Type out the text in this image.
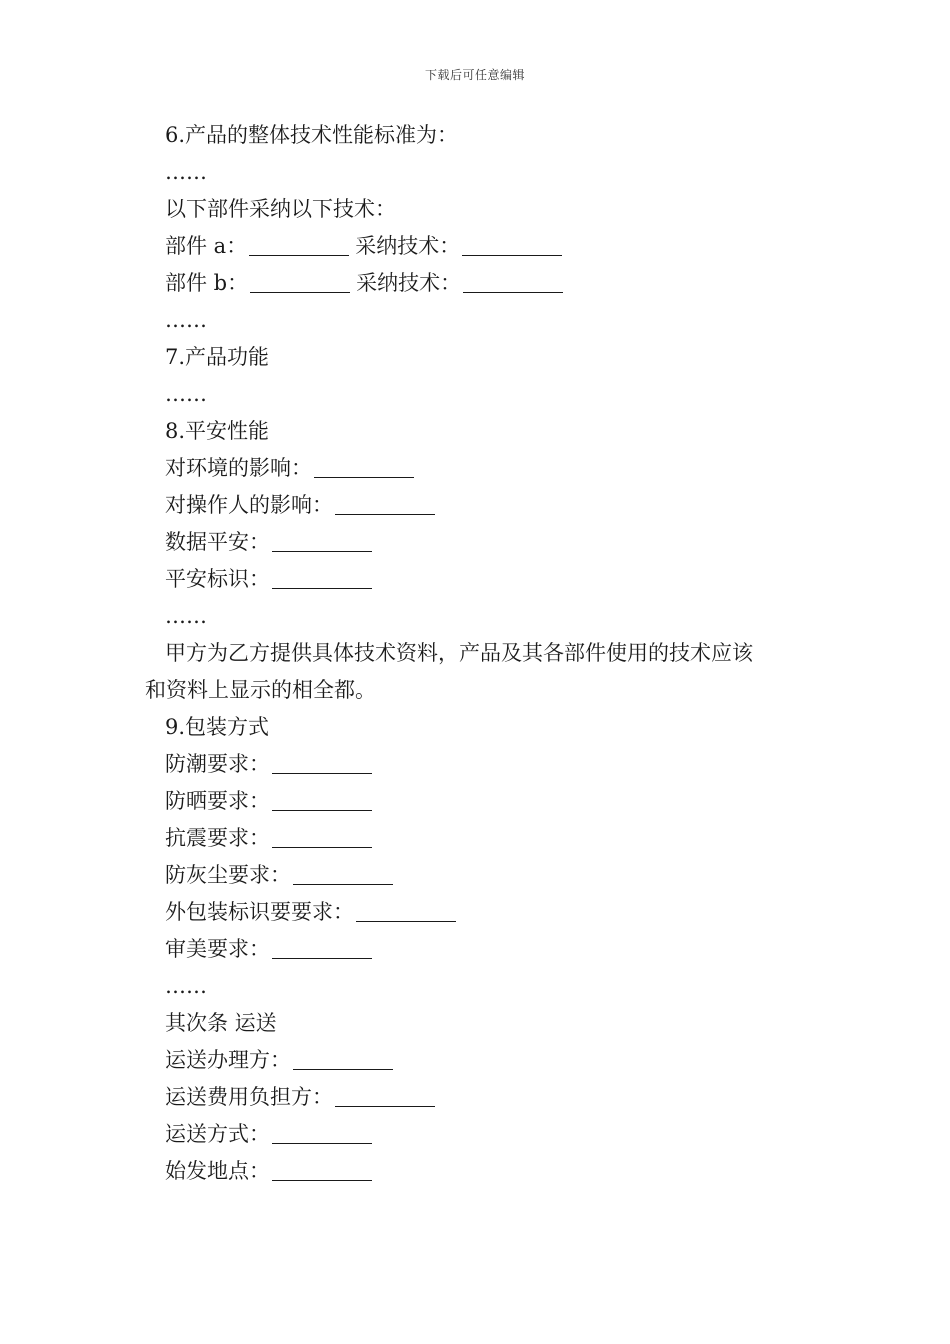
下载后可任意编辑
6.产品的整体技术性能标准为：
……
以下部件采纳以下技术：
部件 a：	采纳技术：
部件 b：	采纳技术：
……
7.产品功能
……
8.平安性能
对环境的影响：
对操作人的影响：
数据平安：
平安标识：
……
甲方为乙方提供具体技术资料，产品及其各部件使用的技术应该
和资料上显示的相全都。
9.包装方式
防潮要求：
防晒要求：
抗震要求：
防灰尘要求：
外包装标识要要求：
审美要求：
……
其次条 运送
运送办理方：
运送费用负担方：
运送方式：
始发地点：
